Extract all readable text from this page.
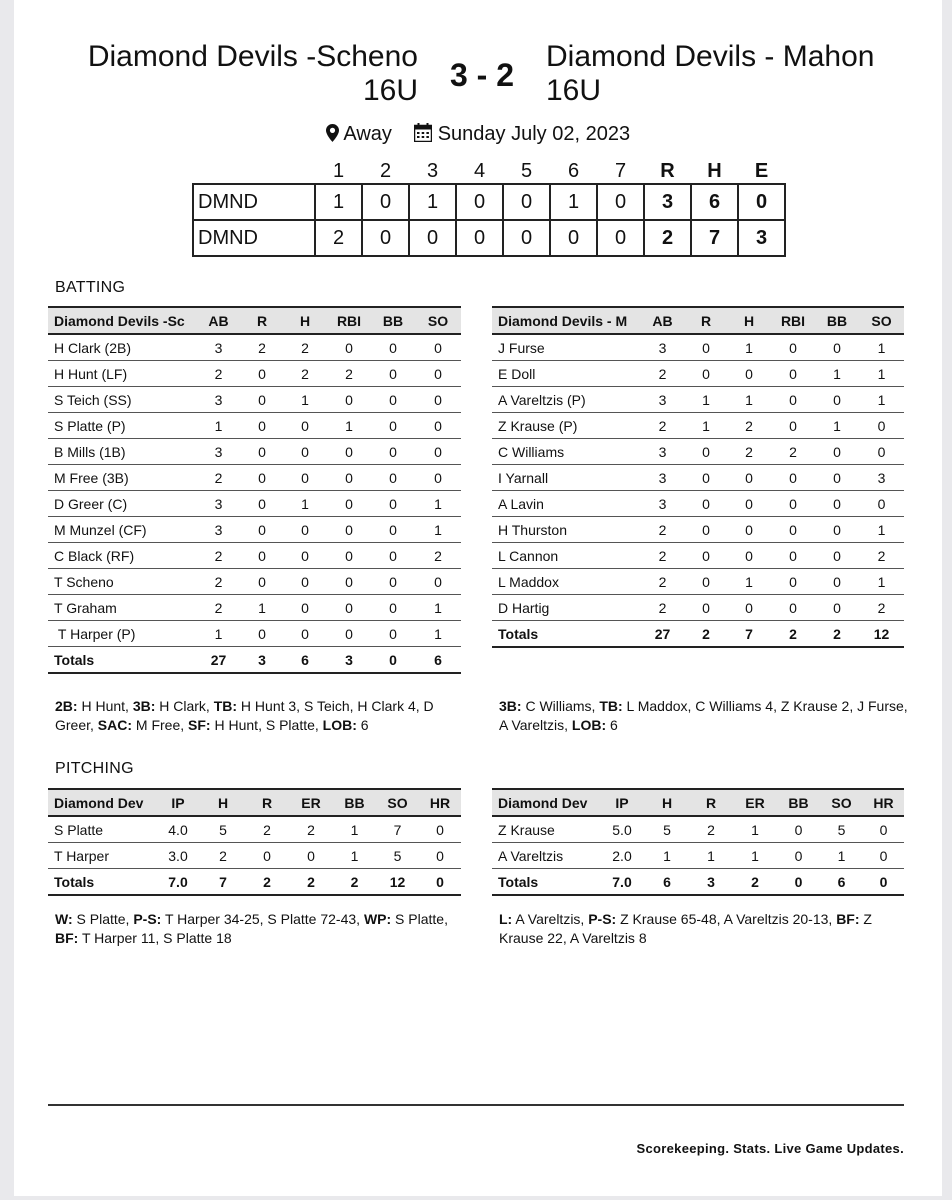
Diamond Devils -Scheno
16U 3 - 2
Diamond Devils - Mahon
16U
Away Sunday July 02, 2023
	1	2	3	4	5	6	7	R	H	E
DMND	1	0	1	0	0	1	0	3	6	0
DMND	2	0	0	0	0	0	0	2	7	3
BATTING
Diamond Devils -Sc	AB	R	H	RBI	BB	SO
H Clark (2B)	3	2	2	0	0	0
H Hunt (LF)	2	0	2	2	0	0
S Teich (SS)	3	0	1	0	0	0
S Platte (P)	1	0	0	1	0	0
B Mills (1B)	3	0	0	0	0	0
M Free (3B)	2	0	0	0	0	0
D Greer (C)	3	0	1	0	0	1
M Munzel (CF)	3	0	0	0	0	1
C Black (RF)	2	0	0	0	0	2
T Scheno	2	0	0	0	0	0
T Graham	2	1	0	0	0	1
T Harper (P)	1	0	0	0	0	1
Totals	27	3	6	3	0	6
Diamond Devils - M	AB	R	H	RBI	BB	SO
J Furse	3	0	1	0	0	1
E Doll	2	0	0	0	1	1
A Vareltzis (P)	3	1	1	0	0	1
Z Krause (P)	2	1	2	0	1	0
C Williams	3	0	2	2	0	0
I Yarnall	3	0	0	0	0	3
A Lavin	3	0	0	0	0	0
H Thurston	2	0	0	0	0	1
L Cannon	2	0	0	0	0	2
L Maddox	2	0	1	0	0	1
D Hartig	2	0	0	0	0	2
Totals	27	2	7	2	2	12
2B: H Hunt, 3B: H Clark, TB: H Hunt 3, S Teich, H Clark 4, D Greer, SAC: M Free, SF: H Hunt, S Platte, LOB: 6
3B: C Williams, TB: L Maddox, C Williams 4, Z Krause 2, J Furse, A Vareltzis, LOB: 6
PITCHING
Diamond Dev	IP	H	R	ER	BB	SO	HR
S Platte	4.0	5	2	2	1	7	0
T Harper	3.0	2	0	0	1	5	0
Totals	7.0	7	2	2	2	12	0
Diamond Dev	IP	H	R	ER	BB	SO	HR
Z Krause	5.0	5	2	1	0	5	0
A Vareltzis	2.0	1	1	1	0	1	0
Totals	7.0	6	3	2	0	6	0
W: S Platte, P-S: T Harper 34-25, S Platte 72-43, WP: S Platte, BF: T Harper 11, S Platte 18
L: A Vareltzis, P-S: Z Krause 65-48, A Vareltzis 20-13, BF: Z Krause 22, A Vareltzis 8
Scorekeeping. Stats. Live Game Updates.
